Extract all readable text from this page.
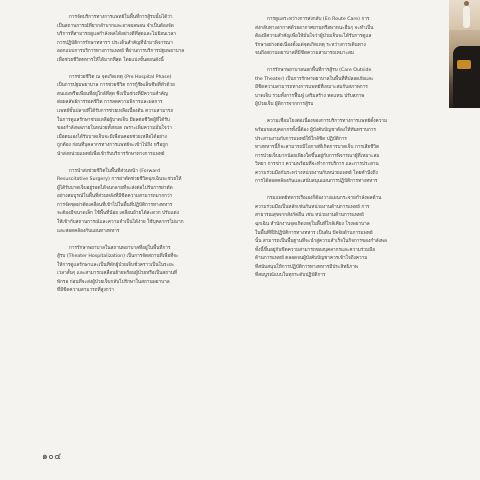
การจัดบริการทางการแพทย์ในพื้นที่การสู้รบนั้นได้ว่า
เป็นสถานการณ์ที่ยากลำบากและอาจผลพอน จำเป็นต้องจัด
บริการที่สามารถดูแลกำลังพลได้อย่างดีที่สุดและไม่ย้อนเวลา
การปฏิบัติการรักษาทหารฯ ประเด็นสำคัญที่นำมาพิจารณา
ออกแบบการบริการทางการแพทย์ ที่ผ่านการบริการปฐมพยาบาล
เพื่อช่วยชีวิตทหารให้ได้มากที่สุด โดยแบ่งขั้นตอนดังนี้

การช่วยชีวิต ณ จุดเกิดเหตุ (Pre Hospital Phase)
เป็นการปฐมพยาบาล การช่วยชีวิต การกู้ชีพเล็บชีพที่ทำด้วย
ตนเองหรือเพื่อนที่อยู่ใกล้ที่สุด ซึ่งเป็นช่วงที่มีความสำคัญ
ต่อผลลัพธ์การรอดชีวิต การลดความพิการและผลการ
เเพทย์ขั้นปลายที่ได้รับการช่วยเหลือเบื้องต้น ความสามารถ
ในการดูแลรักษาช่วยเหลือผู้บาดเจ็บ มีผลต่อชีวิตผู้ที่ได้รับ
ของกำลังพลภายในหน่วยทั้งหมด เพราะเพิ่มความมั่นใจว่า
เมื่อตนเองได้รับบาดเจ็บจะมีเพื่อนคอยช่วยเหลือได้อย่าง
ถูกต้อง ก่อนที่บุคลากรทางการแพทย์จะเข้าไปถึง หรือถูก
นำส่งหน่วยแพทย์เพื่อเข้ารับบริการรักษาทางการแพทย์

การนำส่งช่วยชีวิตในพื้นที่ส่วนหน้า (Forward
Resuscitative Surgery) การผ่าตัดช่วยชีวิตฉุกเฉินจะช่วยให้
ผู้ได้รับบาดเจ็บอยู่รอดได้จนกลายที่จะส่งต่อไปรับการผ่าตัด
อย่างสมบูรณ์ในพื้นที่ส่วนหลังที่มีขีดความสามารถมากกว่า
การจัดชุดผ่าตัดเคลื่อนที่เข้าไปในพื้นที่ปฏิบัติการทางทหาร
จะต้องมีขนาดเล็ก ใช้พื้นที่น้อย เคลื่อนย้ายได้สะดวก ปรับแต่ง
ให้เข้ากับสถานการณ์และความจำเป็นได้ง่าย ใช้บุคลากรไม่มาก
และสอดคล้องกับแผนทางทหาร

การรักษาพยาบาลในสถานพยาบาลที่อยู่ในพื้นที่การ
สู้รบ (Theater Hospitalization) เป็นการจัดสถานที่เพื่อที่จะ
ให้การดูแลรักษาและเป็นที่พักผู้ป่วยเจ็บชั่วคราวเป็นในระยะ
เวลาสั้นๆ และสามารถเคลื่อนย้ายพร้อมผู้ป่วยหรือเป็นสถานที่
พักรอ ก่อนที่จะส่งผู้ป่วยเจ็บกลับไปรักษาในสถานพยาบาล
ที่มีขีดความสามารถที่สูงกว่า

การดูแลระหว่างการส่งกลับ (En Route Care) การ
ส่งกลับทางอากาศด้วยอากาศยานหรือพาหนะอื่นๆ จะทำเป็น
ต้องมีความสำคัญเพื่อให้มั่นใจว่าผู้ป่วยเจ็บจะได้รับการดูแล
รักษาอย่างต่อเนื่องตั้งแต่จุดเกิดเหตุ ระหว่างการเดินทาง
จนถึงสถานพยาบาลที่มีขีดความสามารถเหมาะสม

การรักษาพยาบาลนอกพื้นที่การสู้รบ (Care Outside
the Theater) เป็นการรักษาพยาบาลในพื้นที่ที่ปลอดภัยและ
มีขีดความสามารถทางการแพทย์ที่เหมาะสมกับสภาพการ
บาดเจ็บ รวมทั้งการฟื้นฟู เสริมสร้าง ทดแทน ปรับสภาพ
ผู้ป่วยเจ็บ ผู้พิการจากการสู้รบ

ความเชื่อมโยงต่อเนื่องของการบริการทางการแพทย์ตั้งความ
พร้อมของบุคลากรทั้งนี้ต้อง ผู้บังคับบัญชาต้องให้ทันทราบการ
ประสานงานกับการแพทย์ให้ใกล้ชิด ปฏิบัติการ
ทางทหารนี้ก็จะสามารถมีโอกาสที่เกิดการบาดเจ็บ การเสียชีวิต
การป่วยเจ็บมากน้อยเพียงใดขึ้นอยู่กับการพิจารณาผู้ที่เหมาะสม
วิทยา การข่าว ความพร้อมที่จะทำการบริการ และการประสาน
ความร่วมมือกันระหว่างหน่วยงานกับหน่วยแพทย์ โดยคำนึงถึง
การได้สอดคล้องกันและสนับสนุนแผนการปฏิบัติการทางทหาร

กรมแพทย์ทหารเรือเองก็ต้องวางแผนกระจายกำลังพลด้าน
ความร่วมมือเป็นหลักเช่นกันหน่วยงานด้านการแพทย์ การ
สาธารณสุขจากสังกัดอื่น เช่น หน่วยงานด้านการแพทย์
ฉุกเฉิน สำนักงานจุดเกิดเหตุในพื้นที่ใกล้เคียง โรงพยาบาล
ในพื้นที่ที่มีปฏิบัติการทางทหาร เป็นต้น ปัจจัยด้านการแพทย์
นั้น สามารถเป็นพื้นฐานที่จะนำสู่ความสำเร็จในกิจการของกำลังพล
ทั้งนี้ขึ้นอยู่กับขีดความสามารถของบุคลากรและความร่วมมือ
ด้านการแพทย์ ตลอดจนผู้บังคับบัญชาควรเข้าใจถึงความ
ที่สนับสนุนให้การปฏิบัติการทางทหารมีประสิทธิภาพ
ที่สมบูรณ์แบบในทุกระดับปฏิบัติการ

๑๐๔
